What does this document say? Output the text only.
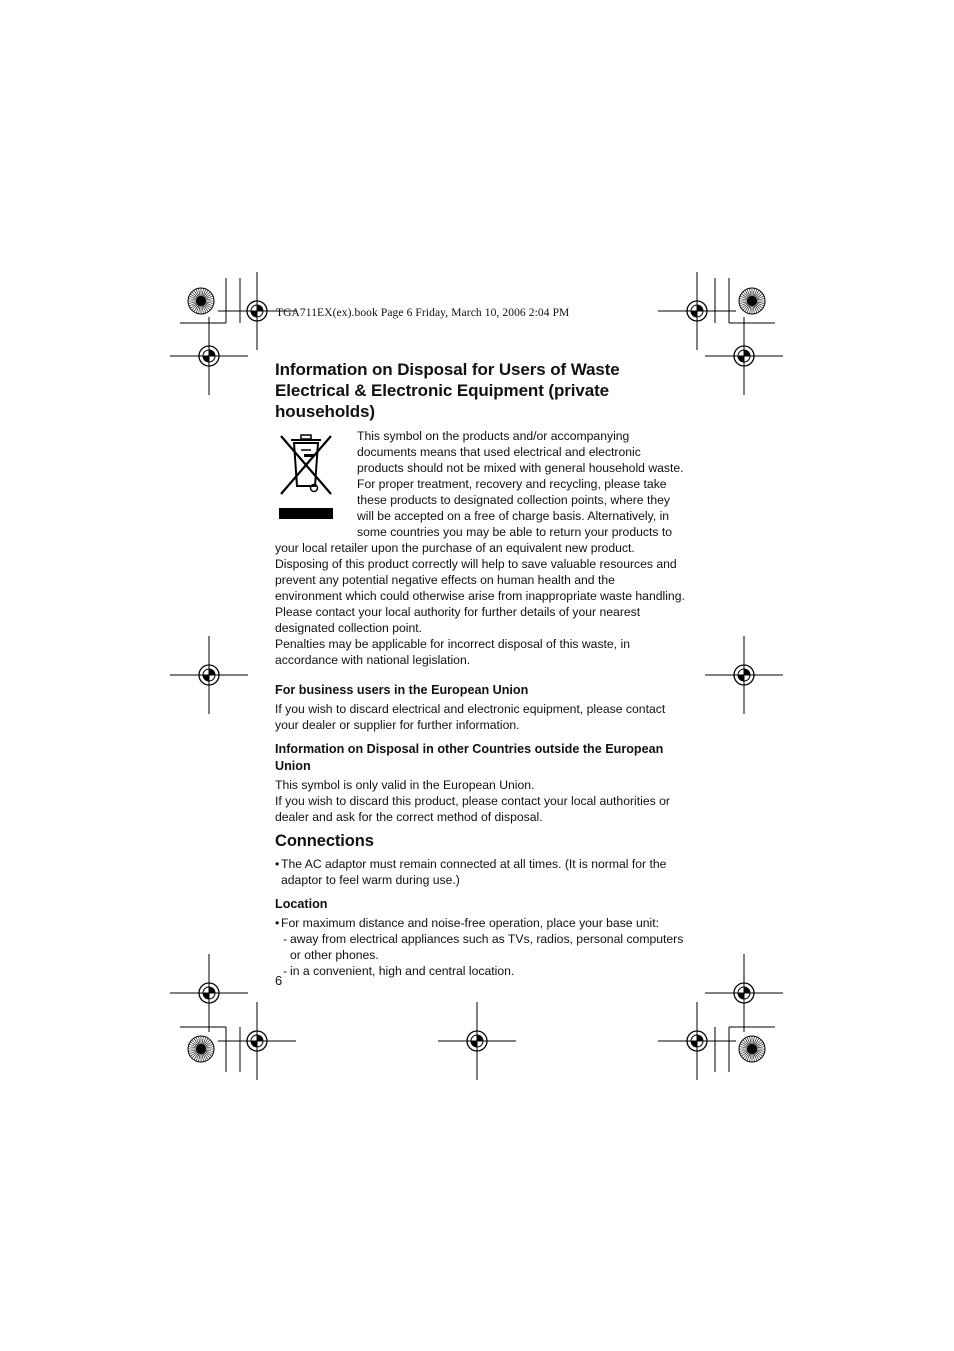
TGA711EX(ex).book Page 6 Friday, March 10, 2006 2:04 PM
Information on Disposal for Users of Waste Electrical & Electronic Equipment (private households)

This symbol on the products and/or accompanying documents means that used electrical and electronic products should not be mixed with general household waste. For proper treatment, recovery and recycling, please take these products to designated collection points, where they will be accepted on a free of charge basis. Alternatively, in some countries you may be able to return your products to

your local retailer upon the purchase of an equivalent new product.

Disposing of this product correctly will help to save valuable resources and prevent any potential negative effects on human health and the environment which could otherwise arise from inappropriate waste handling. Please contact your local authority for further details of your nearest designated collection point.

Penalties may be applicable for incorrect disposal of this waste, in accordance with national legislation.

For business users in the European Union

If you wish to discard electrical and electronic equipment, please contact your dealer or supplier for further information.

Information on Disposal in other Countries outside the European Union

This symbol is only valid in the European Union.

If you wish to discard this product, please contact your local authorities or dealer and ask for the correct method of disposal.

Connections
• The AC adaptor must remain connected at all times. (It is normal for the adaptor to feel warm during use.)
Location
• For maximum distance and noise-free operation, place your base unit:
- away from electrical appliances such as TVs, radios, personal computers or other phones.
- in a convenient, high and central location.
6
